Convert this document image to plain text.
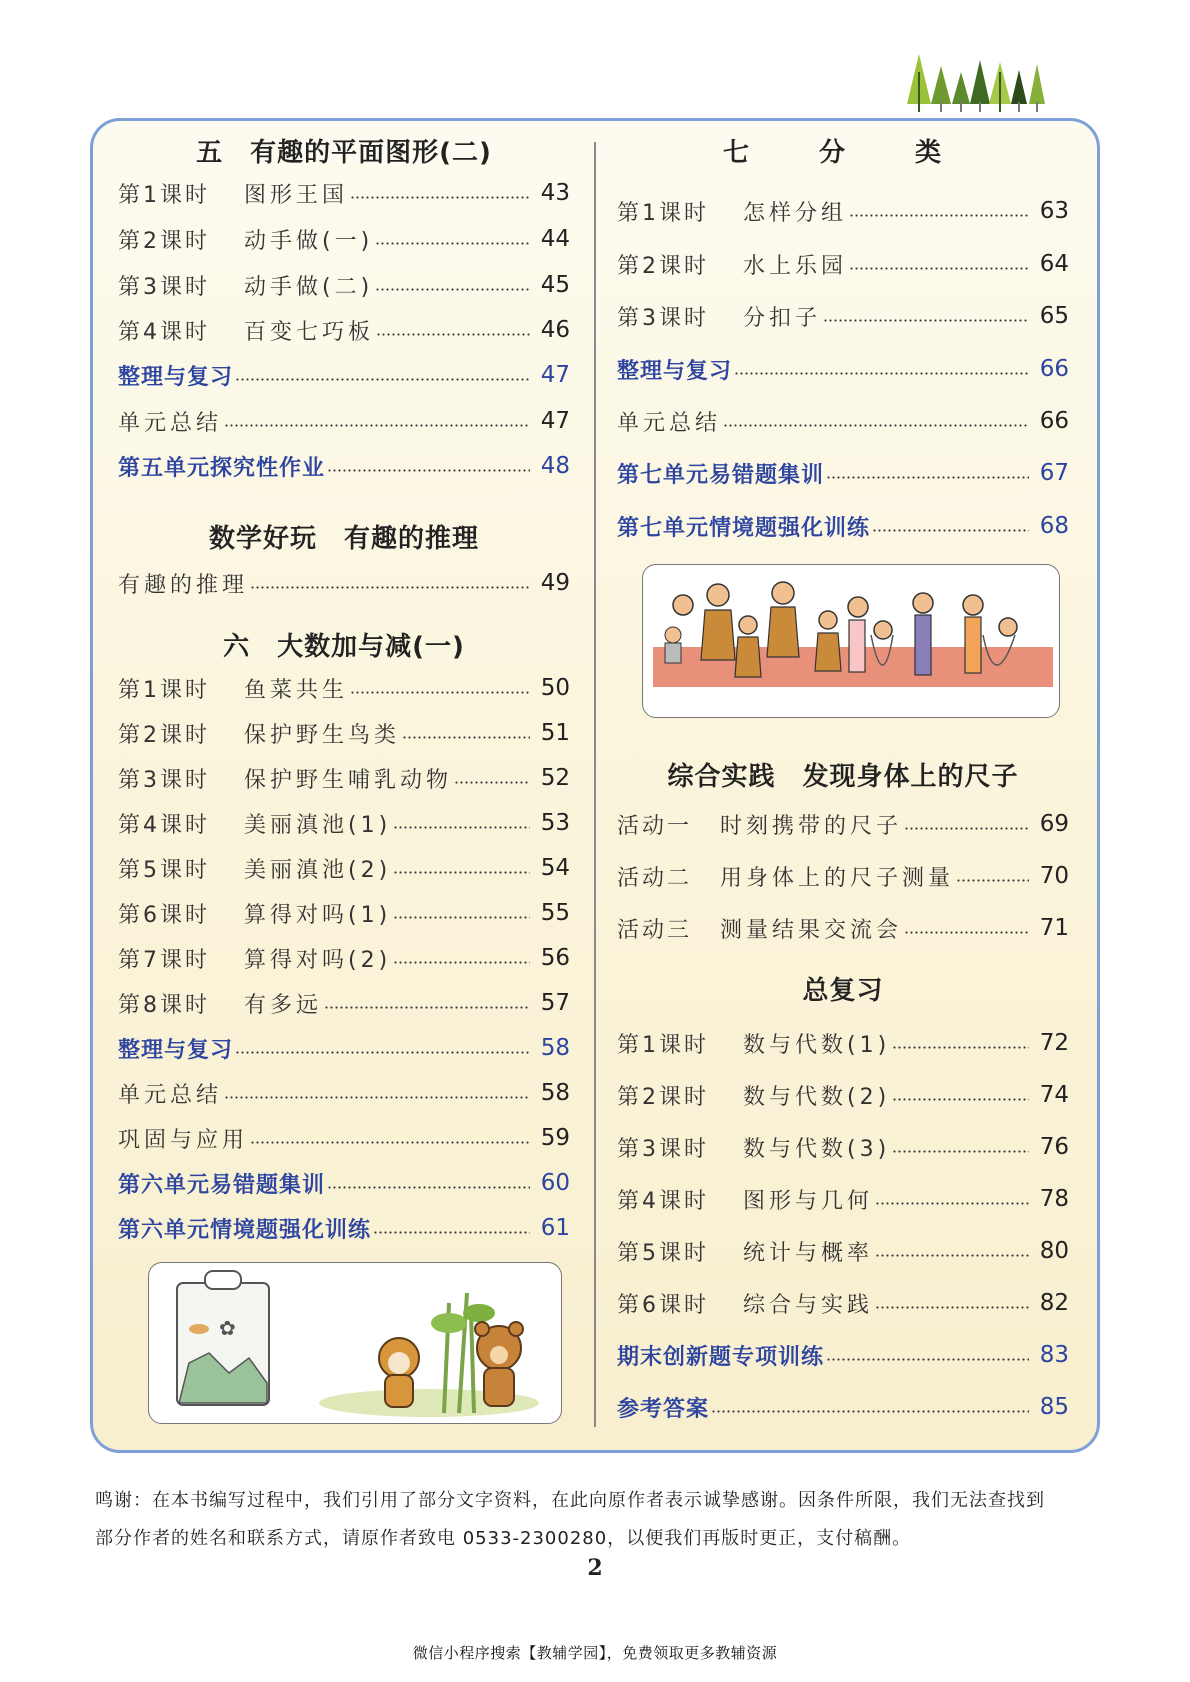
五　有趣的平面图形(二)
第1课时	图形王国	43
第2课时	动手做(一)	44
第3课时	动手做(二)	45
第4课时	百变七巧板	46
整理与复习	47
单元总结	47
第五单元探究性作业	48
数学好玩　有趣的推理
有趣的推理	49
六　大数加与减(一)
第1课时	鱼菜共生	50
第2课时	保护野生鸟类	51
第3课时	保护野生哺乳动物	52
第4课时	美丽滇池(1)	53
第5课时	美丽滇池(2)	54
第6课时	算得对吗(1)	55
第7课时	算得对吗(2)	56
第8课时	有多远	57
整理与复习	58
单元总结	58
巩固与应用	59
第六单元易错题集训	60
第六单元情境题强化训练	61
✿
七　分　类
第1课时	怎样分组	63
第2课时	水上乐园	64
第3课时	分扣子	65
整理与复习	66
单元总结	66
第七单元易错题集训	67
第七单元情境题强化训练	68
综合实践　发现身体上的尺子
活动一	时刻携带的尺子	69
活动二	用身体上的尺子测量	70
活动三	测量结果交流会	71
总复习
第1课时	数与代数(1)	72
第2课时	数与代数(2)	74
第3课时	数与代数(3)	76
第4课时	图形与几何	78
第5课时	统计与概率	80
第6课时	综合与实践	82
期末创新题专项训练	83
参考答案	85
鸣谢：在本书编写过程中，我们引用了部分文字资料，在此向原作者表示诚挚感谢。因条件所限，我们无法查找到
部分作者的姓名和联系方式，请原作者致电 0533-2300280，以便我们再版时更正，支付稿酬。
2
微信小程序搜索【教辅学园】，免费领取更多教辅资源
